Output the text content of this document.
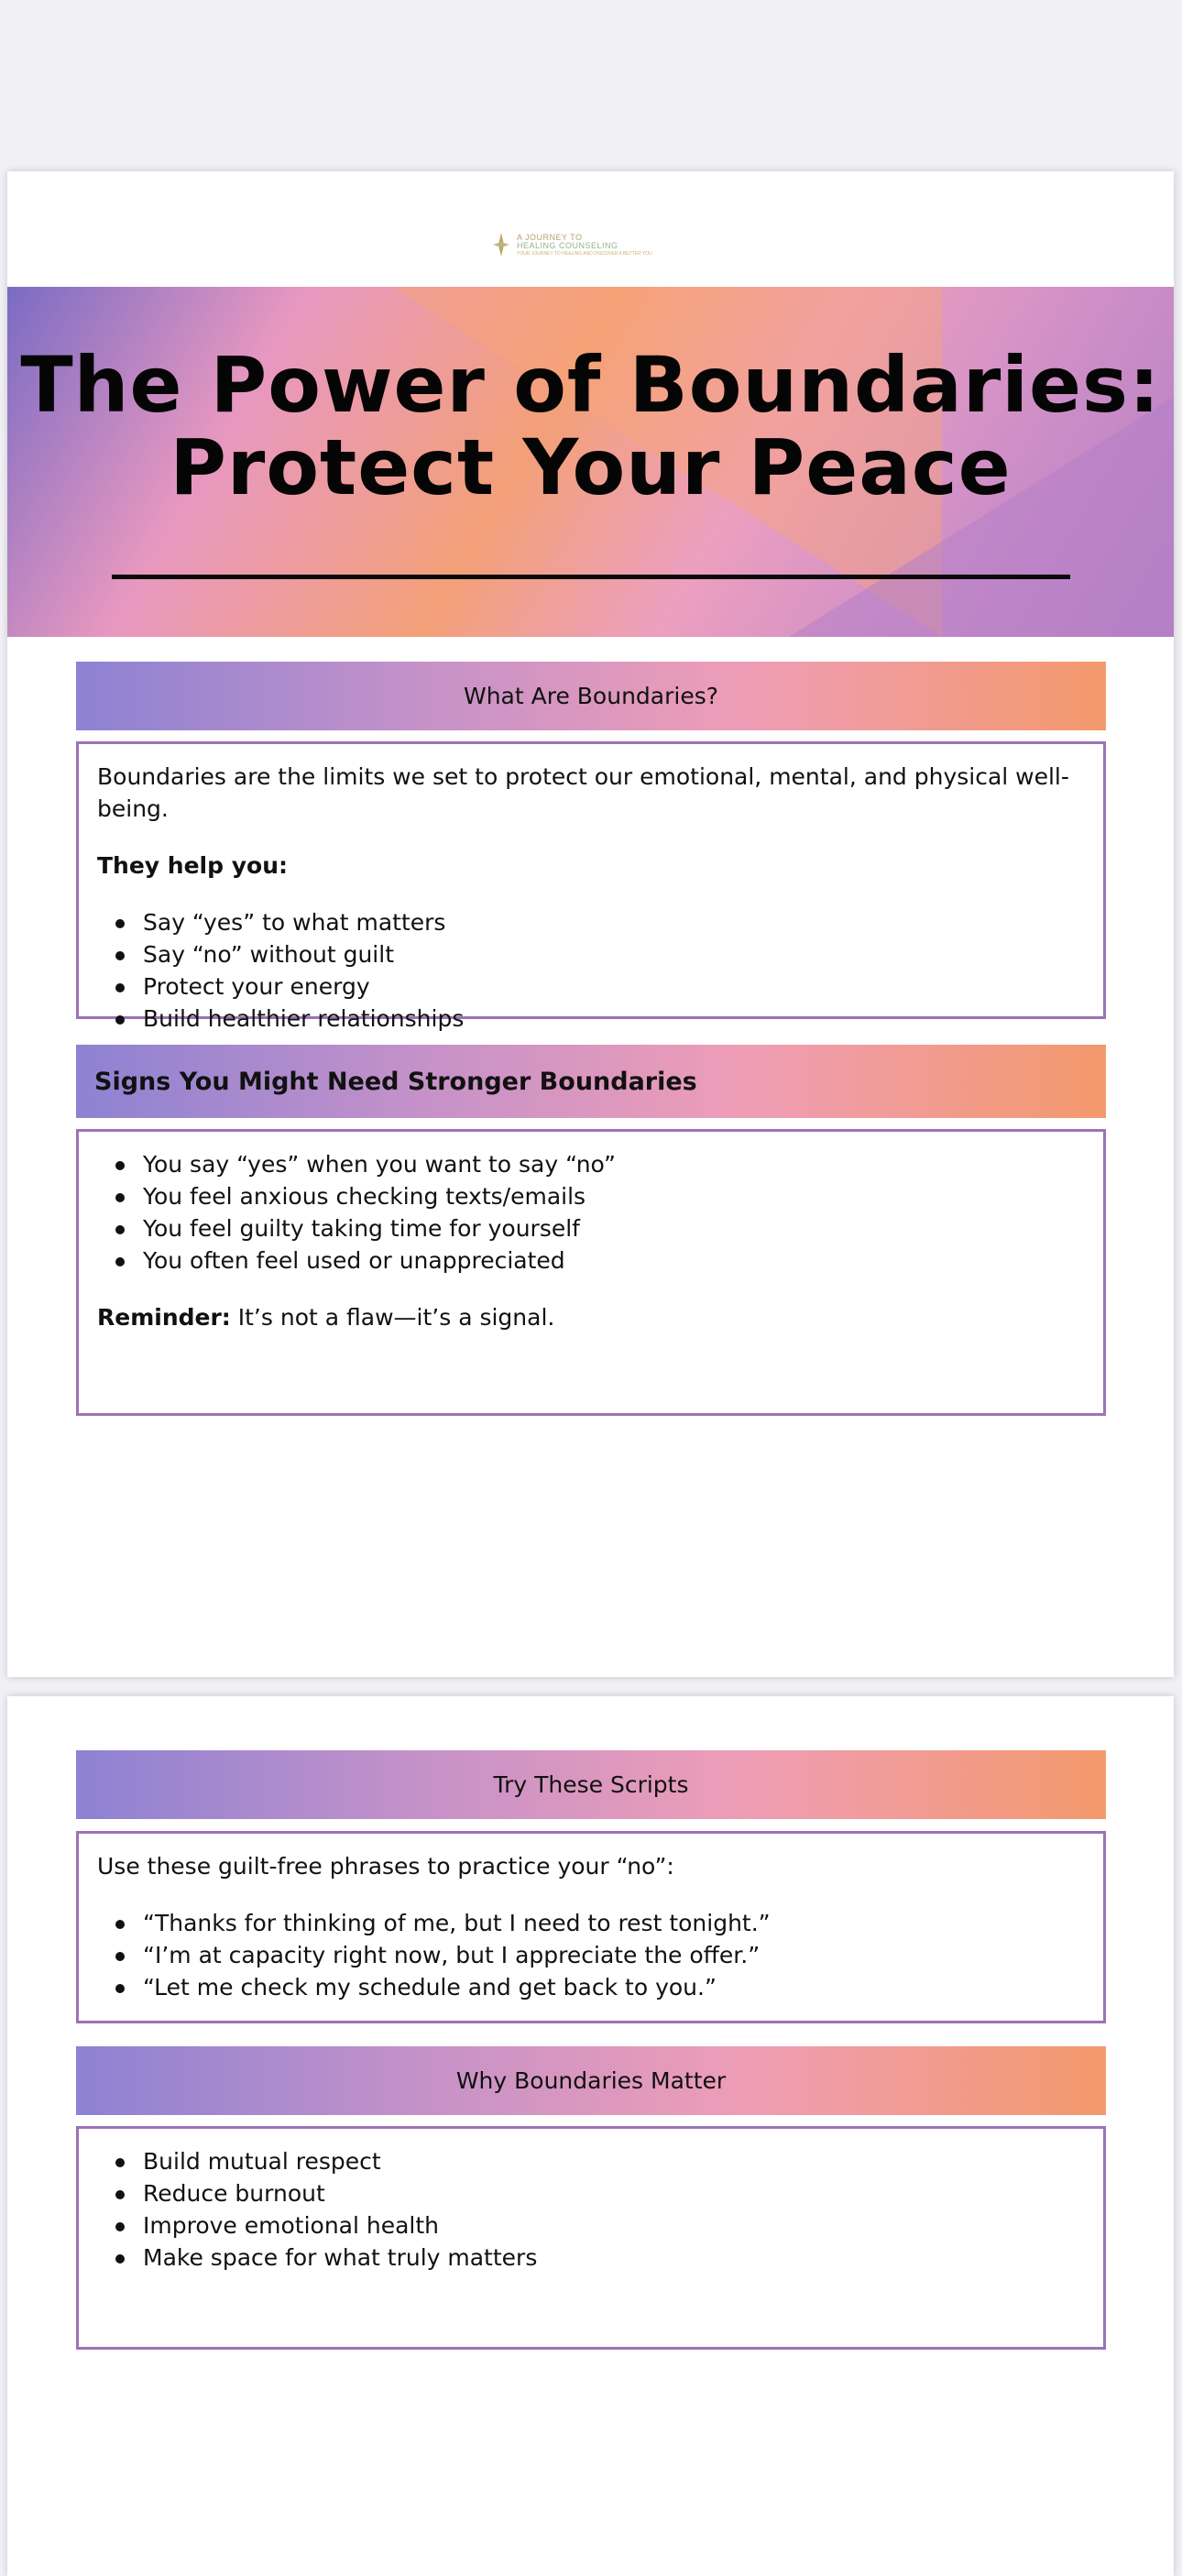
A JOURNEY TO
HEALING COUNSELING
YOUR JOURNEY TO HEALING AND DISCOVER A BETTER YOU
The Power of Boundaries:
Protect Your Peace
What Are Boundaries?

Boundaries are the limits we set to protect our emotional, mental, and physical well-being.

They help you:

Say “yes” to what matters
Say “no” without guilt
Protect your energy
Build healthier relationships
Signs You Might Need Stronger Boundaries
You say “yes” when you want to say “no”
You feel anxious checking texts/emails
You feel guilty taking time for yourself
You often feel used or unappreciated

Reminder: It’s not a flaw—it’s a signal.

Try These Scripts

Use these guilt-free phrases to practice your “no”:

“Thanks for thinking of me, but I need to rest tonight.”
“I’m at capacity right now, but I appreciate the offer.”
“Let me check my schedule and get back to you.”
Why Boundaries Matter
Build mutual respect
Reduce burnout
Improve emotional health
Make space for what truly matters
